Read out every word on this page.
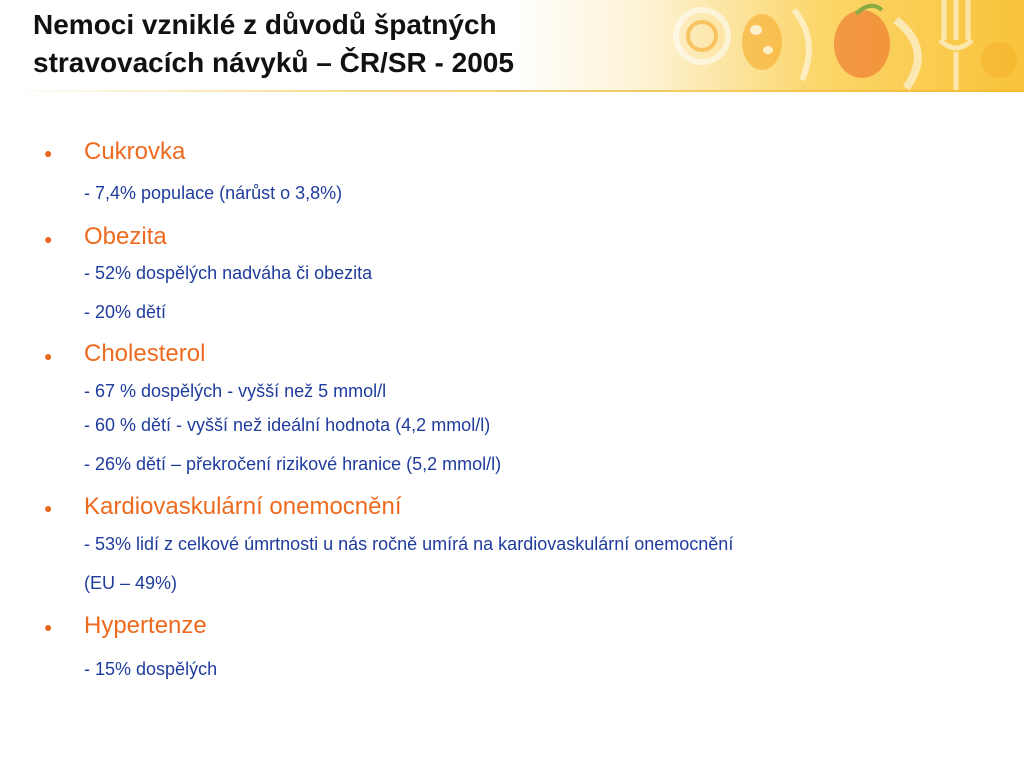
Nemoci vzniklé z důvodů špatných
stravovacích návyků – ČR/SR - 2005
● Cukrovka
- 7,4% populace (nárůst o 3,8%)
● Obezita
- 52% dospělých nadváha či obezita
- 20% dětí
● Cholesterol
- 67 % dospělých - vyšší než 5 mmol/l
- 60 % dětí - vyšší než ideální hodnota (4,2 mmol/l)
- 26% dětí – překročení rizikové hranice (5,2 mmol/l)
● Kardiovaskulární onemocnění
- 53% lidí z celkové úmrtnosti u nás ročně umírá na kardiovaskulární onemocnění
(EU – 49%)
● Hypertenze
- 15% dospělých
